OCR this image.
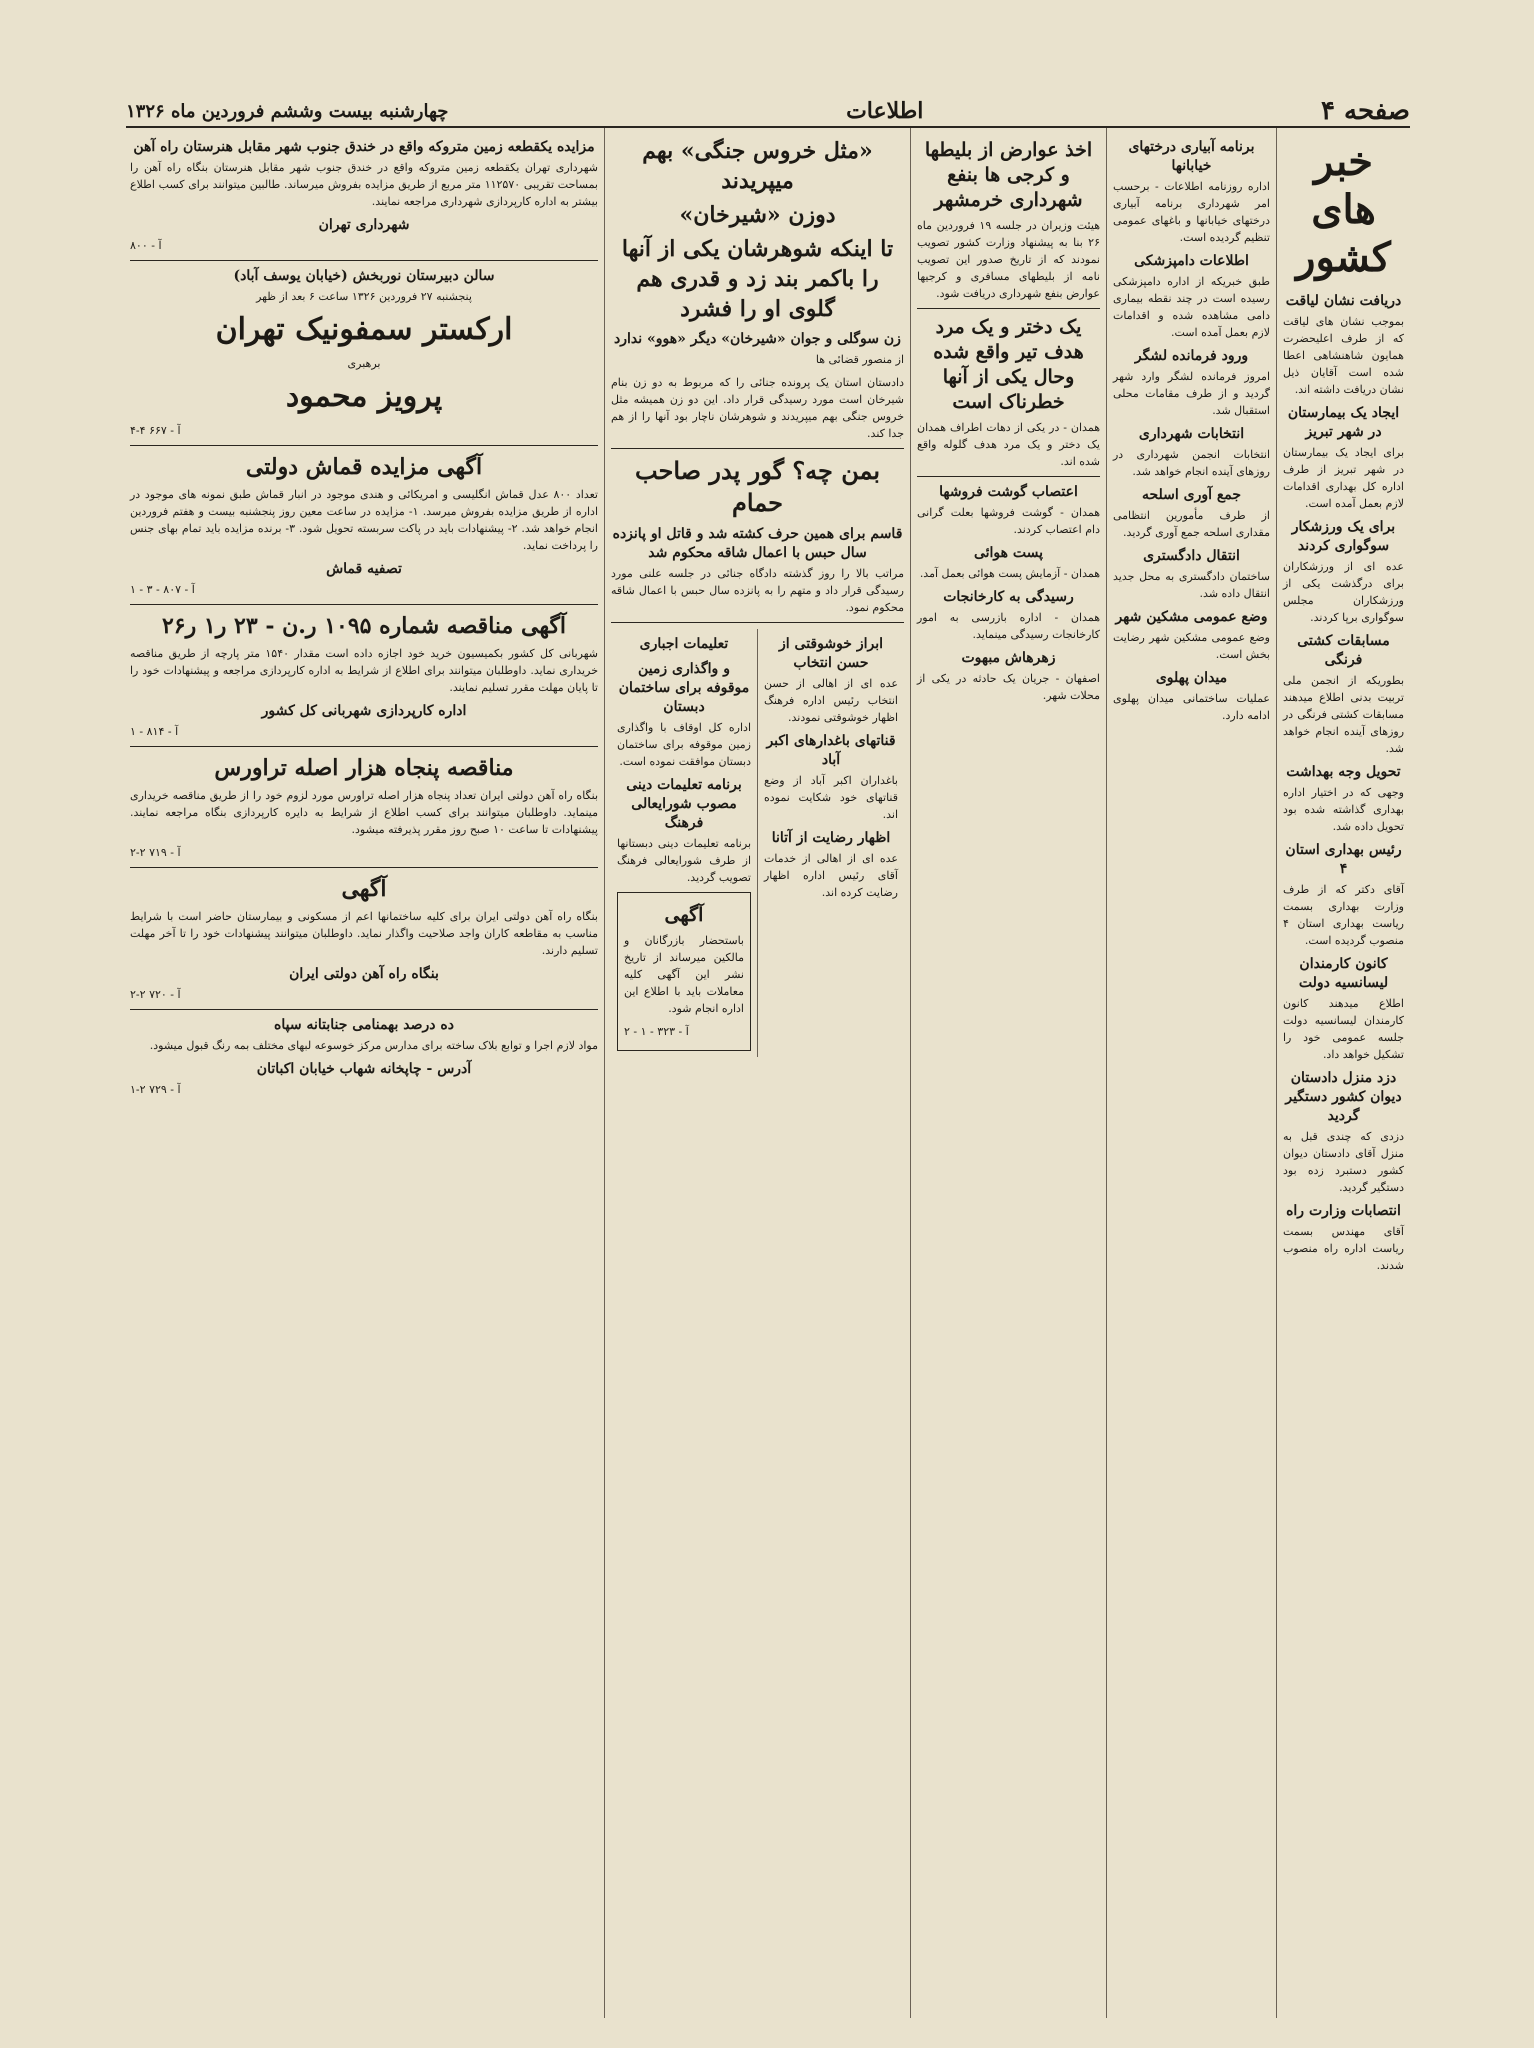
صفحه ۴
اطلاعات
چهارشنبه بیست وششم فروردین ماه ۱۳۲۶
خبر های کشور
دریافت نشان لیاقت

بموجب نشان های لیاقت که از طرف اعلیحضرت همایون شاهنشاهی اعطا شده است آقایان ذیل نشان دریافت داشته اند.

ایجاد یک بیمارستان در شهر تبریز

برای ایجاد یک بیمارستان در شهر تبریز از طرف اداره کل بهداری اقدامات لازم بعمل آمده است.

برای یک ورزشکار سوگواری کردند

عده ای از ورزشکاران برای درگذشت یکی از ورزشکاران مجلس سوگواری برپا کردند.

مسابقات کشتی فرنگی

بطوریکه از انجمن ملی تربیت بدنی اطلاع میدهند مسابقات کشتی فرنگی در روزهای آینده انجام خواهد شد.

تحویل وجه بهداشت

وجهی که در اختیار اداره بهداری گذاشته شده بود تحویل داده شد.

رئیس بهداری استان ۴

آقای دکتر که از طرف وزارت بهداری بسمت ریاست بهداری استان ۴ منصوب گردیده است.

کانون کارمندان لیسانسیه دولت

اطلاع میدهند کانون کارمندان لیسانسیه دولت جلسه عمومی خود را تشکیل خواهد داد.

دزد منزل دادستان دیوان کشور دستگیر گردید

دزدی که چندی قبل به منزل آقای دادستان دیوان کشور دستبرد زده بود دستگیر گردید.

انتصابات وزارت راه

آقای مهندس بسمت ریاست اداره راه منصوب شدند.

برنامه آبیاری درختهای خیابانها

اداره روزنامه اطلاعات - برحسب امر شهرداری برنامه آبیاری درختهای خیابانها و باغهای عمومی تنظیم گردیده است.

اطلاعات دامپزشکی

طبق خبریکه از اداره دامپزشکی رسیده است در چند نقطه بیماری دامی مشاهده شده و اقدامات لازم بعمل آمده است.

ورود فرمانده لشگر

امروز فرمانده لشگر وارد شهر گردید و از طرف مقامات محلی استقبال شد.

انتخابات شهرداری

انتخابات انجمن شهرداری در روزهای آینده انجام خواهد شد.

جمع آوری اسلحه

از طرف مأمورین انتظامی مقداری اسلحه جمع آوری گردید.

انتقال دادگستری

ساختمان دادگستری به محل جدید انتقال داده شد.

وضع عمومی مشکین شهر

وضع عمومی مشکین شهر رضایت بخش است.

میدان پهلوی

عملیات ساختمانی میدان پهلوی ادامه دارد.

اخذ عوارض از بلیطها و کرجی ها بنفع شهرداری خرمشهر

هیئت وزیران در جلسه ۱۹ فروردین ماه ۲۶ بنا به پیشنهاد وزارت کشور تصویب نمودند که از تاریخ صدور این تصویب نامه از بلیطهای مسافری و کرجیها عوارض بنفع شهرداری دریافت شود.

یک دختر و یک مرد هدف تیر واقع شده وحال یکی از آنها خطرناک است

همدان - در یکی از دهات اطراف همدان یک دختر و یک مرد هدف گلوله واقع شده اند.

اعتصاب گوشت فروشها

همدان - گوشت فروشها بعلت گرانی دام اعتصاب کردند.

پست هوائی

همدان - آزمایش پست هوائی بعمل آمد.

رسیدگی به کارخانجات

همدان - اداره بازرسی به امور کارخانجات رسیدگی مینماید.

زهرهاش مبهوت

اصفهان - جریان یک حادثه در یکی از محلات شهر.

«مثل خروس جنگی» بهم میپریدند
دوزن «شیرخان»
تا اینکه شوهرشان یکی از آنها را باکمر بند زد و قدری هم گلوی او را فشرد
زن سوگلی و جوان «شیرخان» دیگر «هوو» ندارد

از منصور قضائی ها

دادستان استان یک پرونده جنائی را که مربوط به دو زن بنام شیرخان است مورد رسیدگی قرار داد. این دو زن همیشه مثل خروس جنگی بهم میپریدند و شوهرشان ناچار بود آنها را از هم جدا کند.

بمن چه؟ گور پدر صاحب حمام
قاسم برای همین حرف کشته شد و قاتل او پانزده سال حبس با اعمال شاقه محکوم شد

مراتب بالا را روز گذشته دادگاه جنائی در جلسه علنی مورد رسیدگی قرار داد و متهم را به پانزده سال حبس با اعمال شاقه محکوم نمود.

ابراز خوشوقتی از حسن انتخاب

عده ای از اهالی از حسن انتخاب رئیس اداره فرهنگ اظهار خوشوقتی نمودند.

قناتهای باغدارهای اکبر آباد

باغداران اکبر آباد از وضع قناتهای خود شکایت نموده اند.

اظهار رضایت از آتانا

عده ای از اهالی از خدمات آقای رئیس اداره اظهار رضایت کرده اند.

تعلیمات اجباری
و واگذاری زمین موقوفه برای ساختمان دبستان

اداره کل اوقاف با واگذاری زمین موقوفه برای ساختمان دبستان موافقت نموده است.

برنامه تعلیمات دینی مصوب شورایعالی فرهنگ

برنامه تعلیمات دینی دبستانها از طرف شورایعالی فرهنگ تصویب گردید.

آگهی

باستحضار بازرگانان و مالکین میرساند از تاریخ نشر این آگهی کلیه معاملات باید با اطلاع این اداره انجام شود.

آ - ۳۲۳ - ۱ - ۲
مزایده یکقطعه زمین متروکه واقع در خندق جنوب شهر مقابل هنرستان راه آهن

شهرداری تهران یکقطعه زمین متروکه واقع در خندق جنوب شهر مقابل هنرستان بنگاه راه آهن را بمساحت تقریبی ۱۱۲۵۷۰ متر مربع از طریق مزایده بفروش میرساند. طالبین میتوانند برای کسب اطلاع بیشتر به اداره کارپردازی شهرداری مراجعه نمایند.

شهرداری تهران
آ - ۸۰۰
سالن دبیرستان نوربخش (خیابان یوسف آباد)

پنجشنبه ۲۷ فروردین ۱۳۲۶ ساعت ۶ بعد از ظهر

ارکستر سمفونیک تهران

برهبری

پرویز محمود
آ - ۶۶۷ ۴-۴
آگهی مزایده قماش دولتی

تعداد ۸۰۰ عدل قماش انگلیسی و امریکائی و هندی موجود در انبار قماش طبق نمونه های موجود در اداره از طریق مزایده بفروش میرسد. ۱- مزایده در ساعت معین روز پنجشنبه بیست و هفتم فروردین انجام خواهد شد. ۲- پیشنهادات باید در پاکت سربسته تحویل شود. ۳- برنده مزایده باید تمام بهای جنس را پرداخت نماید.

تصفیه قماش
آ - ۸۰۷ - ۳ - ۱
آگهی مناقصه شماره ۱۰۹۵ ر.ن - ۲۳ ر۱ ر۲۶

شهربانی کل کشور بکمیسیون خرید خود اجازه داده است مقدار ۱۵۴۰ متر پارچه از طریق مناقصه خریداری نماید. داوطلبان میتوانند برای اطلاع از شرایط به اداره کارپردازی مراجعه و پیشنهادات خود را تا پایان مهلت مقرر تسلیم نمایند.

اداره کارپردازی شهربانی کل کشور
آ - ۸۱۴ - ۱
مناقصه پنجاه هزار اصله تراورس

بنگاه راه آهن دولتی ایران تعداد پنجاه هزار اصله تراورس مورد لزوم خود را از طریق مناقصه خریداری مینماید. داوطلبان میتوانند برای کسب اطلاع از شرایط به دایره کارپردازی بنگاه مراجعه نمایند. پیشنهادات تا ساعت ۱۰ صبح روز مقرر پذیرفته میشود.

آ - ۷۱۹ ۲-۲
آگهی

بنگاه راه آهن دولتی ایران برای کلیه ساختمانها اعم از مسکونی و بیمارستان حاضر است با شرایط مناسب به مقاطعه کاران واجد صلاحیت واگذار نماید. داوطلبان میتوانند پیشنهادات خود را تا آخر مهلت تسلیم دارند.

بنگاه راه آهن دولتی ایران
آ - ۷۲۰ ۲-۲
ده درصد بهمنامی جنابتانه سپاه

مواد لازم اجرا و توابع بلاک ساخته برای مدارس مرکز خوسوعه لبهای مختلف بمه رنگ قبول میشود.

آدرس - چاپخانه شهاب خیابان اکباتان
آ - ۷۲۹ ۲-۱
